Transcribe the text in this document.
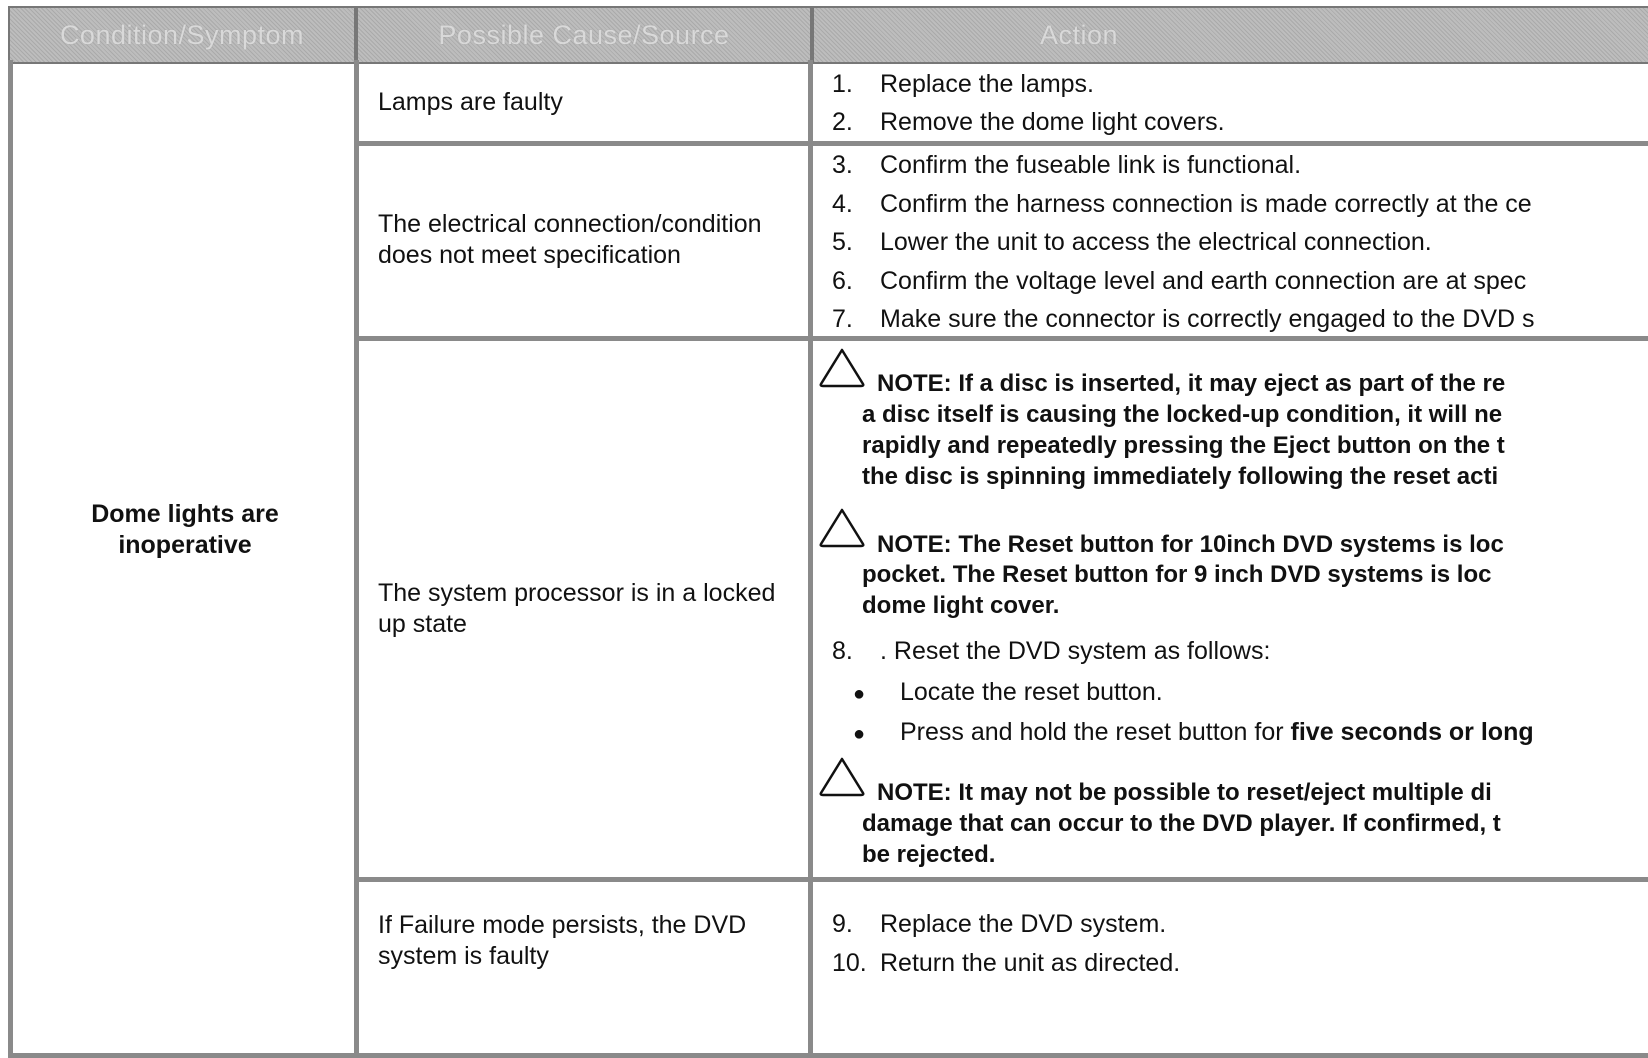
Condition/Symptom	Possible Cause/Source	Action
Dome lights are inoperative
Lamps are faulty
The electrical connection/condition does not meet specification
The system processor is in a locked up state
If Failure mode persists, the DVD system is faulty
1. Replace the lamps.
2. Remove the dome light covers.
3. Confirm the fuseable link is functional.
4. Confirm the harness connection is made correctly at the ce
5. Lower the unit to access the electrical connection.
6. Confirm the voltage level and earth connection are at spec
7. Make sure the connector is correctly engaged to the DVD s
NOTE: If a disc is inserted, it may eject as part of the re
a disc itself is causing the locked-up condition, it will ne
rapidly and repeatedly pressing the Eject button on the t
the disc is spinning immediately following the reset acti
NOTE: The Reset button for 10inch DVD systems is loc
pocket. The Reset button for 9 inch DVD systems is loc
dome light cover.
8. . Reset the DVD system as follows:
● Locate the reset button.
● Press and hold the reset button for five seconds or long
NOTE: It may not be possible to reset/eject multiple di
damage that can occur to the DVD player. If confirmed, t
be rejected.
9. Replace the DVD system.
10. Return the unit as directed.
